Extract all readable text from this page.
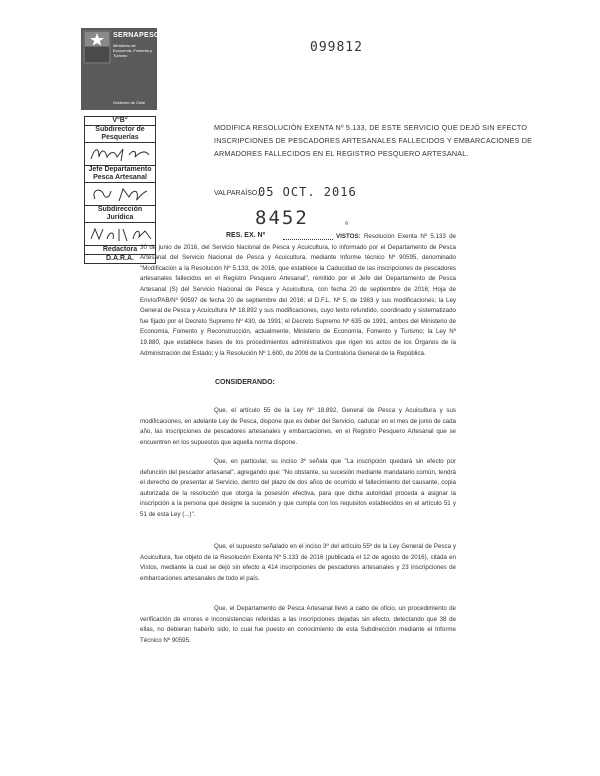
SERNAPESCA
Ministerio de Economía, Fomento y Turismo
Gobierno de Chile
099812
V°B°
Subdirector de Pesquerías
Jefe Departamento Pesca Artesanal
Subdirección Jurídica
Redactora
D.A.R.A.
MODIFICA RESOLUCIÓN EXENTA Nº 5.133, DE ESTE SERVICIO QUE DEJÓ SIN EFECTO INSCRIPCIONES DE PESCADORES ARTESANALES FALLECIDOS Y EMBARCACIONES DE ARMADORES FALLECIDOS EN EL REGISTRO PESQUERO ARTESANAL.
VALPARAÍSO,
05 OCT. 2016
8452	ª
RES. EX. Nº	VISTOS: Resolución Exenta Nº 5.133 de 30 de junio de 2016, del Servicio Nacional de Pesca y Acuicultura, lo informado por el Departamento de Pesca Artesanal del Servicio Nacional de Pesca y Acuicultura, mediante Informe técnico Nº 90595, denominado "Modificación a la Resolución Nº 5.133, de 2016, que establece la Caducidad de las inscripciones de pescadores artesanales fallecidos en el Registro Pesquero Artesanal", remitido por el Jefe del Departamento de Pesca Artesanal (S) del Servicio Nacional de Pesca y Acuicultura, con fecha 20 de septiembre de 2016; Hoja de Envío/PAB/Nº 90597 de fecha 20 de septiembre del 2016; el D.F.L. Nº 5, de 1983 y sus modificaciones; la Ley General de Pesca y Acuicultura Nº 18.892 y sus modificaciones, cuyo texto refundido, coordinado y sistematizado fue fijado por el Decreto Supremo Nº 430, de 1991; el Decreto Supremo Nº 635 de 1991, ambos del Ministerio de Economía, Fomento y Reconstrucción, actualmente, Ministerio de Economía, Fomento y Turismo; la Ley Nº 19.880, que establece bases de los procedimientos administrativos que rigen los actos de los Órganos de la Administración del Estado; y la Resolución Nº 1.600, de 2008 de la Contraloría General de la República.
CONSIDERANDO:
Que, el artículo 55 de la Ley Nº 18.892, General de Pesca y Acuicultura y sus modificaciones, en adelante Ley de Pesca, dispone que es deber del Servicio, caducar en el mes de junio de cada año, las inscripciones de pescadores artesanales y embarcaciones, en el Registro Pesquero Artesanal que se encuentren en los supuestos que aquella norma dispone.
Que, en particular, su inciso 3º señala que "La inscripción quedará sin efecto por defunción del pescador artesanal", agregando que: "No obstante, su sucesión mediante mandatario común, tendrá el derecho de presentar al Servicio, dentro del plazo de dos años de ocurrido el fallecimiento del causante, copia autorizada de la resolución que otorga la posesión efectiva, para que dicha autoridad proceda a asignar la inscripción a la persona que designe la sucesión y que cumpla con los requisitos establecidos en el artículo 51 y 51 de esta Ley (...)".
Que, el supuesto señalado en el inciso 3º del artículo 55º de la Ley General de Pesca y Acuicultura, fue objeto de la Resolución Exenta Nº 5.133 de 2016 (publicada el 12 de agosto de 2016), citada en Vistos, mediante la cual se dejó sin efecto a 414 inscripciones de pescadores artesanales y 23 inscripciones de embarcaciones artesanales de todo el país.
Que, el Departamento de Pesca Artesanal llevó a cabo de oficio, un procedimiento de verificación de errores e inconsistencias referidas a las inscripciones dejadas sin efecto, detectando que 38 de ellas, no debieran haberlo sido, lo cual fue puesto en conocimiento de esta Subdirección mediante el Informe Técnico Nº 90595.
